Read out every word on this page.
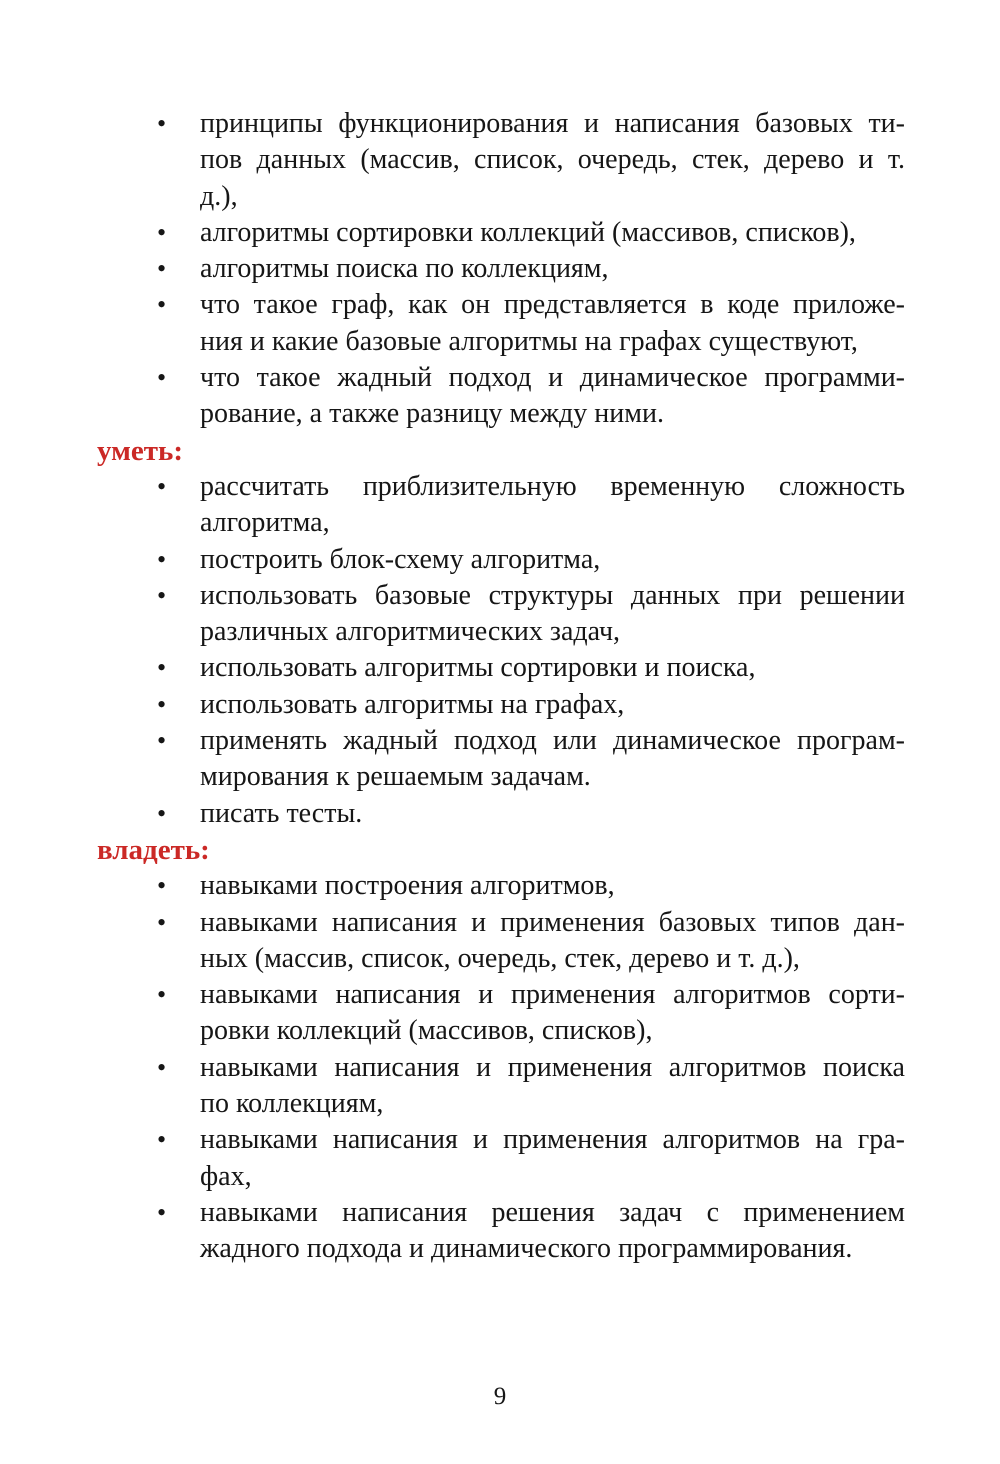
•	принципы функционирования и написания базовых ти-
пов данных (массив, список, очередь, стек, дерево и т.
д.),
•	алгоритмы сортировки коллекций (массивов, списков),
•	алгоритмы поиска по коллекциям,
•	что такое граф, как он представляется в коде приложе-
ния и какие базовые алгоритмы на графах существуют,
•	что такое жадный подход и динамическое программи-
рование, а также разницу между ними.
уметь:
•	рассчитать приблизительную временную сложность
алгоритма,
•	построить блок-схему алгоритма,
•	использовать базовые структуры данных при решении
различных алгоритмических задач,
•	использовать алгоритмы сортировки и поиска,
•	использовать алгоритмы на графах,
•	применять жадный подход или динамическое програм-
мирования к решаемым задачам.
•	писать тесты.
владеть:
•	навыками построения алгоритмов,
•	навыками написания и применения базовых типов дан-
ных (массив, список, очередь, стек, дерево и т. д.),
•	навыками написания и применения алгоритмов сорти-
ровки коллекций (массивов, списков),
•	навыками написания и применения алгоритмов поиска
по коллекциям,
•	навыками написания и применения алгоритмов на гра-
фах,
•	навыками написания решения задач с применением
жадного подхода и динамического программирования.
9
